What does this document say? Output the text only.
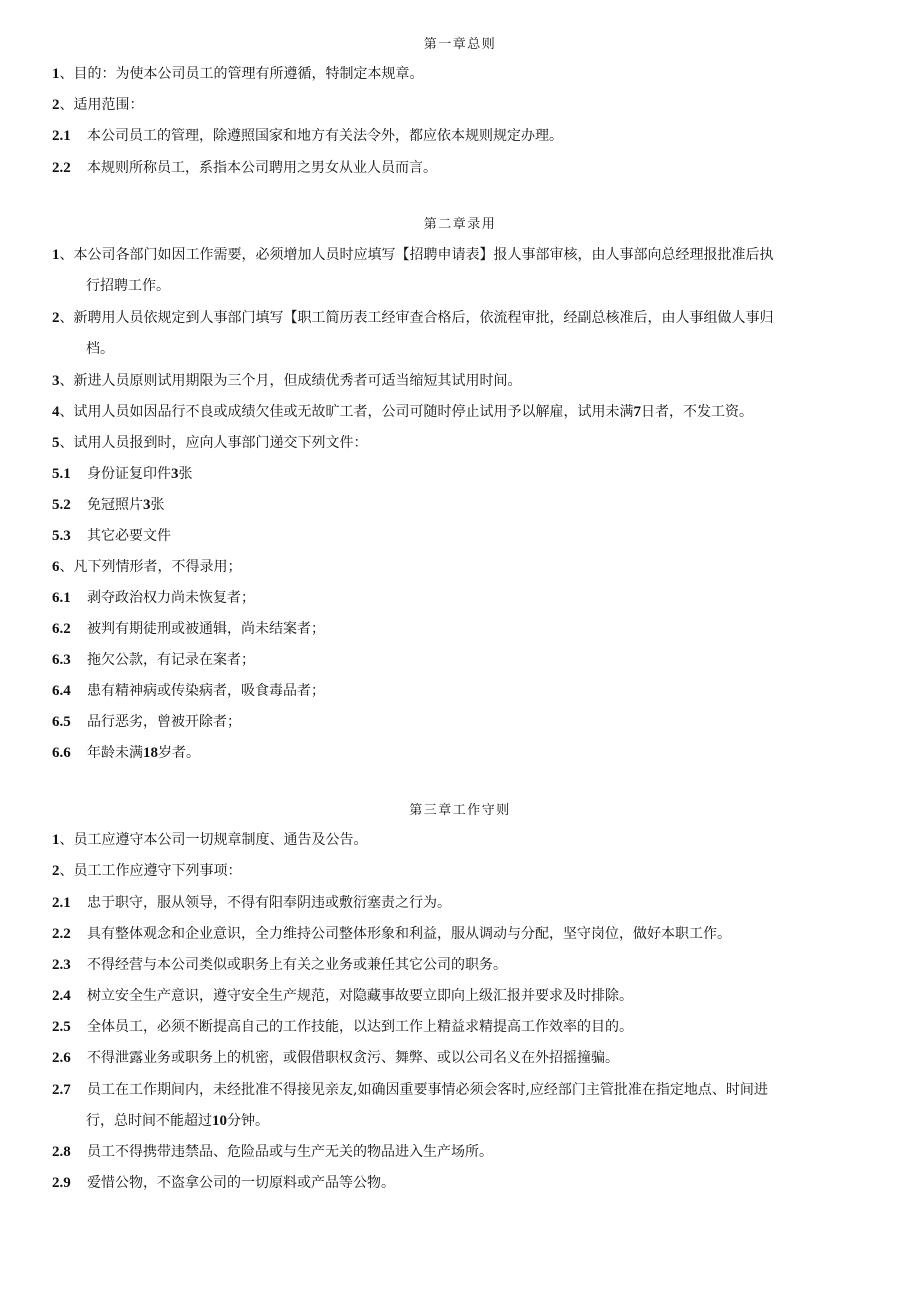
第一章总则
1、目的：为使本公司员工的管理有所遵循，特制定本规章。
2、适用范围：
2.1 本公司员工的管理，除遵照国家和地方有关法令外，都应依本规则规定办理。
2.2 本规则所称员工，系指本公司聘用之男女从业人员而言。
第二章录用
1、本公司各部门如因工作需要，必须增加人员时应填写【招聘申请表】报人事部审核，由人事部向总经理报批准后执
行招聘工作。
2、新聘用人员依规定到人事部门填写【职工简历表工经审查合格后，依流程审批，经副总核准后，由人事组做人事归
档。
3、新进人员原则试用期限为三个月，但成绩优秀者可适当缩短其试用时间。
4、试用人员如因品行不良或成绩欠佳或无故旷工者，公司可随时停止试用予以解雇，试用未满7日者，不发工资。
5、试用人员报到时，应向人事部门递交下列文件：
5.1 身份证复印件3张
5.2 免冠照片3张
5.3 其它必要文件
6、凡下列情形者，不得录用；
6.1 剥夺政治权力尚未恢复者；
6.2 被判有期徒刑或被通辑，尚未结案者；
6.3 拖欠公款，有记录在案者；
6.4 患有精神病或传染病者，吸食毒品者；
6.5 品行恶劣，曾被开除者；
6.6 年龄未满18岁者。
第三章工作守则
1、员工应遵守本公司一切规章制度、通告及公告。
2、员工工作应遵守下列事项：
2.1 忠于职守，服从领导，不得有阳奉阴违或敷衍塞责之行为。
2.2 具有整体观念和企业意识，全力维持公司整体形象和利益，服从调动与分配，坚守岗位，做好本职工作。
2.3 不得经营与本公司类似或职务上有关之业务或兼任其它公司的职务。
2.4 树立安全生产意识，遵守安全生产规范，对隐藏事故要立即向上级汇报并要求及时排除。
2.5 全体员工，必须不断提高自己的工作技能，以达到工作上精益求精提高工作效率的目的。
2.6 不得泄露业务或职务上的机密，或假借职权贪污、舞弊、或以公司名义在外招摇撞骗。
2.7 员工在工作期间内，未经批准不得接见亲友,如确因重要事情必须会客时,应经部门主管批准在指定地点、时间进
行，总时间不能超过10分钟。
2.8 员工不得携带违禁品、危险品或与生产无关的物品进入生产场所。
2.9 爱惜公物，不盗拿公司的一切原料或产品等公物。
